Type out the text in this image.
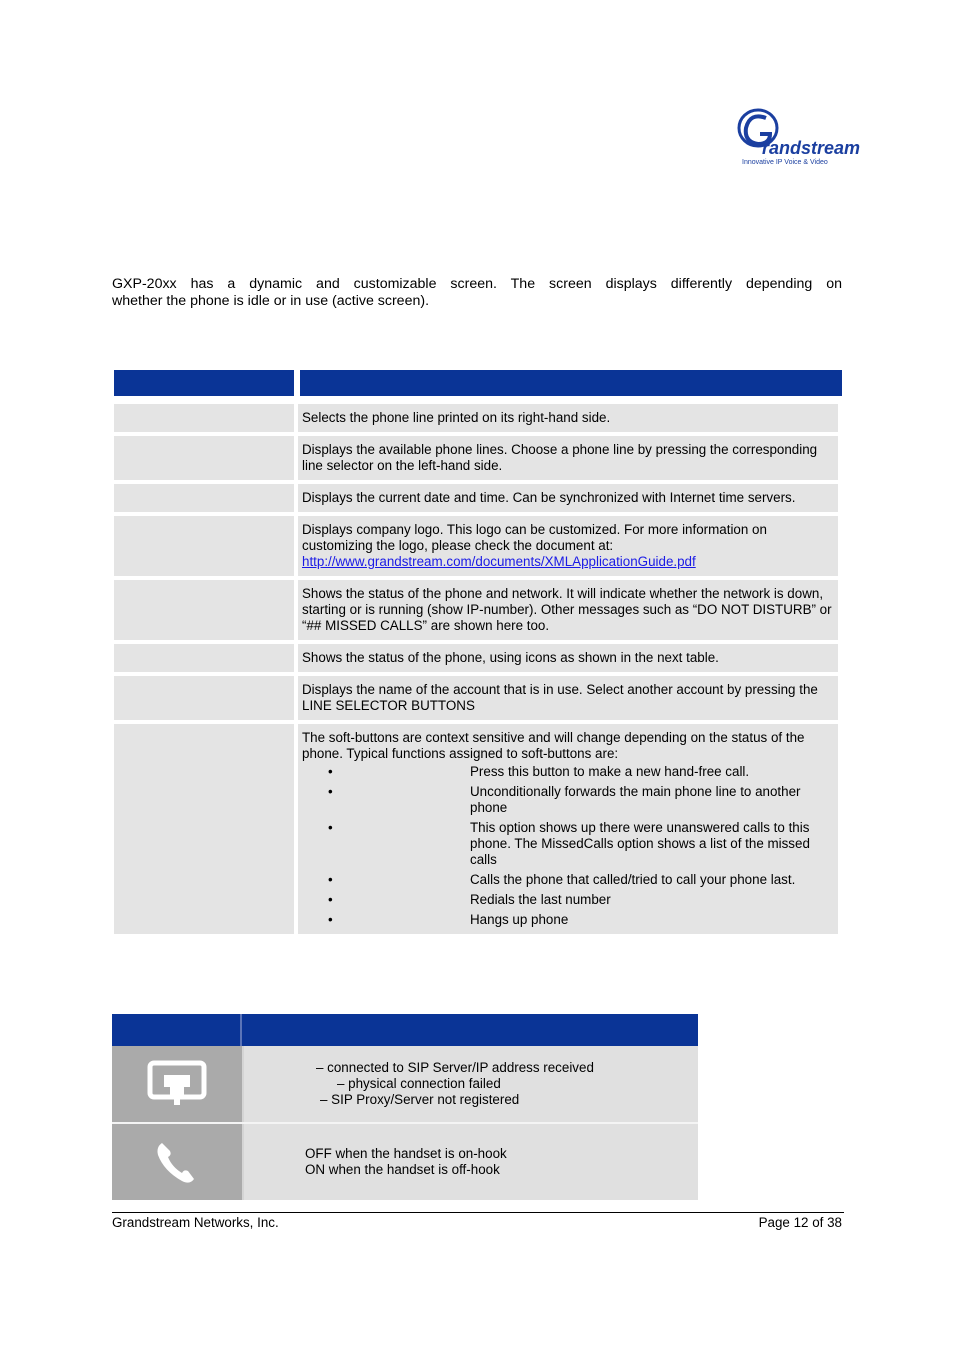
randstream
Innovative IP Voice & Video
GXP-20xx has a dynamic and customizable screen. The screen displays differently depending on
whether the phone is idle or in use (active screen).
Selects the phone line printed on its right-hand side.
Displays the available phone lines. Choose a phone line by pressing the corresponding line selector on the left-hand side.
Displays the current date and time. Can be synchronized with Internet time servers.
Displays company logo. This logo can be customized. For more information on customizing the logo, please check the document at:
http://www.grandstream.com/documents/XMLApplicationGuide.pdf
Shows the status of the phone and network. It will indicate whether the network is down, starting or is running (show IP-number). Other messages such as “DO NOT DISTURB” or “## MISSED CALLS” are shown here too.
Shows the status of the phone, using icons as shown in the next table.
Displays the name of the account that is in use. Select another account by pressing the LINE SELECTOR BUTTONS
The soft-buttons are context sensitive and will change depending on the status of the phone. Typical functions assigned to soft-buttons are:
•	Press this button to make a new hand-free call.
•	Unconditionally forwards the main phone line to another phone
•	This option shows up there were unanswered calls to this phone. The MissedCalls option shows a list of the missed calls
•	Calls the phone that called/tried to call your phone last.
•	Redials the last number
•	Hangs up phone
– connected to SIP Server/IP address received
– physical connection failed
– SIP Proxy/Server not registered
OFF when the handset is on-hook
ON when the handset is off-hook
Grandstream Networks, Inc.	Page 12 of 38
